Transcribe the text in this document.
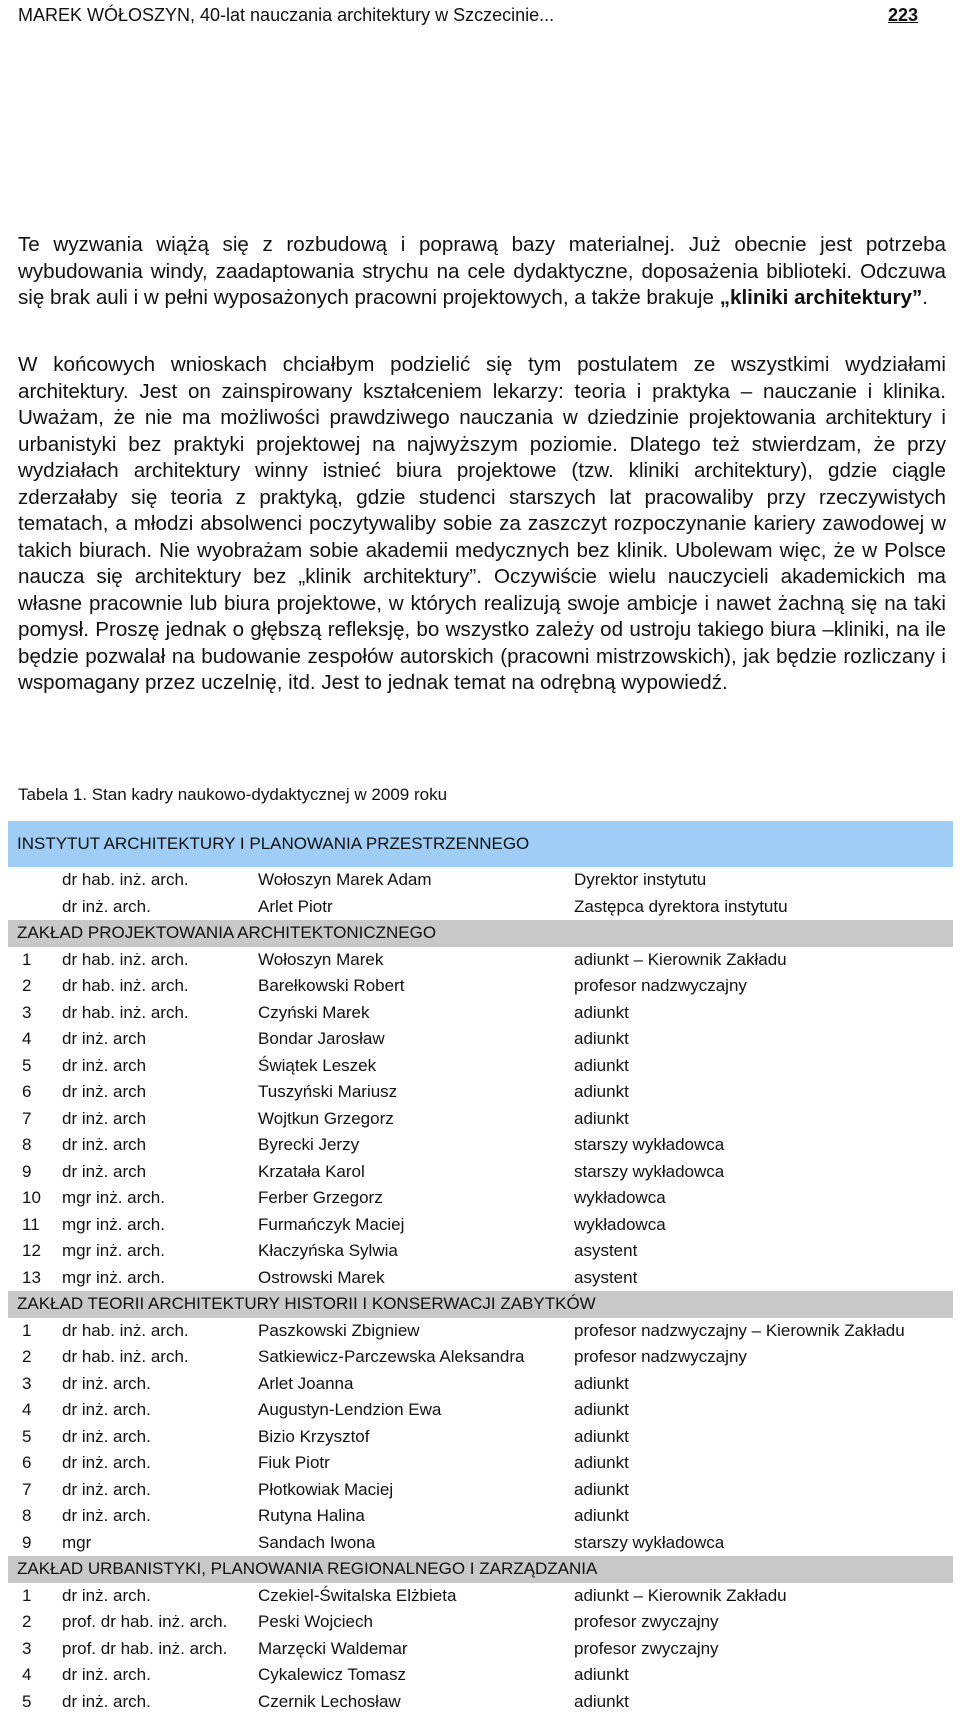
MAREK WÓŁOSZYN, 40-lat nauczania architektury w Szczecinie...	223

Te wyzwania wiążą się z rozbudową i poprawą bazy materialnej. Już obecnie jest potrzeba wybudowania windy, zaadaptowania strychu na cele dydaktyczne, doposażenia biblioteki. Odczuwa się brak auli i w pełni wyposażonych pracowni projektowych, a także brakuje „kliniki architektury”.

W końcowych wnioskach chciałbym podzielić się tym postulatem ze wszystkimi wydziałami architektury. Jest on zainspirowany kształceniem lekarzy: teoria i praktyka – nauczanie i klinika. Uważam, że nie ma możliwości prawdziwego nauczania w dziedzinie projektowania architektury i urbanistyki bez praktyki projektowej na najwyższym poziomie. Dlatego też stwierdzam, że przy wydziałach architektury winny istnieć biura projektowe (tzw. kliniki architektury), gdzie ciągle zderzałaby się teoria z praktyką, gdzie studenci starszych lat pracowaliby przy rzeczywistych tematach, a młodzi absolwenci poczytywaliby sobie za zaszczyt rozpoczynanie kariery zawodowej w takich biurach. Nie wyobrażam sobie akademii medycznych bez klinik. Ubolewam więc, że w Polsce naucza się architektury bez „klinik architektury”. Oczywiście wielu nauczycieli akademickich ma własne pracownie lub biura projektowe, w których realizują swoje ambicje i nawet żachną się na taki pomysł. Proszę jednak o głębszą refleksję, bo wszystko zależy od ustroju takiego biura –kliniki, na ile będzie pozwalał na budowanie zespołów autorskich (pracowni mistrzowskich), jak będzie rozliczany i wspomagany przez uczelnię, itd. Jest to jednak temat na odrębną wypowiedź.

Tabela 1. Stan kadry naukowo-dydaktycznej w 2009 roku
INSTYTUT ARCHITEKTURY I PLANOWANIA PRZESTRZENNEGO			
	dr hab. inż. arch.	Wołoszyn Marek Adam	Dyrektor instytutu
	dr inż. arch.	Arlet Piotr	Zastępca dyrektora instytutu
ZAKŁAD PROJEKTOWANIA ARCHITEKTONICZNEGO			
1	dr hab. inż. arch.	Wołoszyn Marek	adiunkt – Kierownik Zakładu
2	dr hab. inż. arch.	Barełkowski Robert	profesor nadzwyczajny
3	dr hab. inż. arch.	Czyński Marek	adiunkt
4	dr inż. arch	Bondar Jarosław	adiunkt
5	dr inż. arch	Świątek Leszek	adiunkt
6	dr inż. arch	Tuszyński Mariusz	adiunkt
7	dr inż. arch	Wojtkun Grzegorz	adiunkt
8	dr inż. arch	Byrecki Jerzy	starszy wykładowca
9	dr inż. arch	Krzatała Karol	starszy wykładowca
10	mgr inż. arch.	Ferber Grzegorz	wykładowca
11	mgr inż. arch.	Furmańczyk Maciej	wykładowca
12	mgr inż. arch.	Kłaczyńska Sylwia	asystent
13	mgr inż. arch.	Ostrowski Marek	asystent
ZAKŁAD TEORII ARCHITEKTURY HISTORII I KONSERWACJI ZABYTKÓW			
1	dr hab. inż. arch.	Paszkowski Zbigniew	profesor nadzwyczajny – Kierownik Zakładu
2	dr hab. inż. arch.	Satkiewicz-Parczewska Aleksandra	profesor nadzwyczajny
3	dr inż. arch.	Arlet Joanna	adiunkt
4	dr inż. arch.	Augustyn-Lendzion Ewa	adiunkt
5	dr inż. arch.	Bizio Krzysztof	adiunkt
6	dr inż. arch.	Fiuk Piotr	adiunkt
7	dr inż. arch.	Płotkowiak Maciej	adiunkt
8	dr inż. arch.	Rutyna Halina	adiunkt
9	mgr	Sandach Iwona	starszy wykładowca
ZAKŁAD URBANISTYKI, PLANOWANIA REGIONALNEGO I ZARZĄDZANIA			
1	dr inż. arch.	Czekiel-Świtalska Elżbieta	adiunkt – Kierownik Zakładu
2	prof. dr hab. inż. arch.	Peski Wojciech	profesor zwyczajny
3	prof. dr hab. inż. arch.	Marzęcki Waldemar	profesor zwyczajny
4	dr inż. arch.	Cykalewicz Tomasz	adiunkt
5	dr inż. arch.	Czernik Lechosław	adiunkt
